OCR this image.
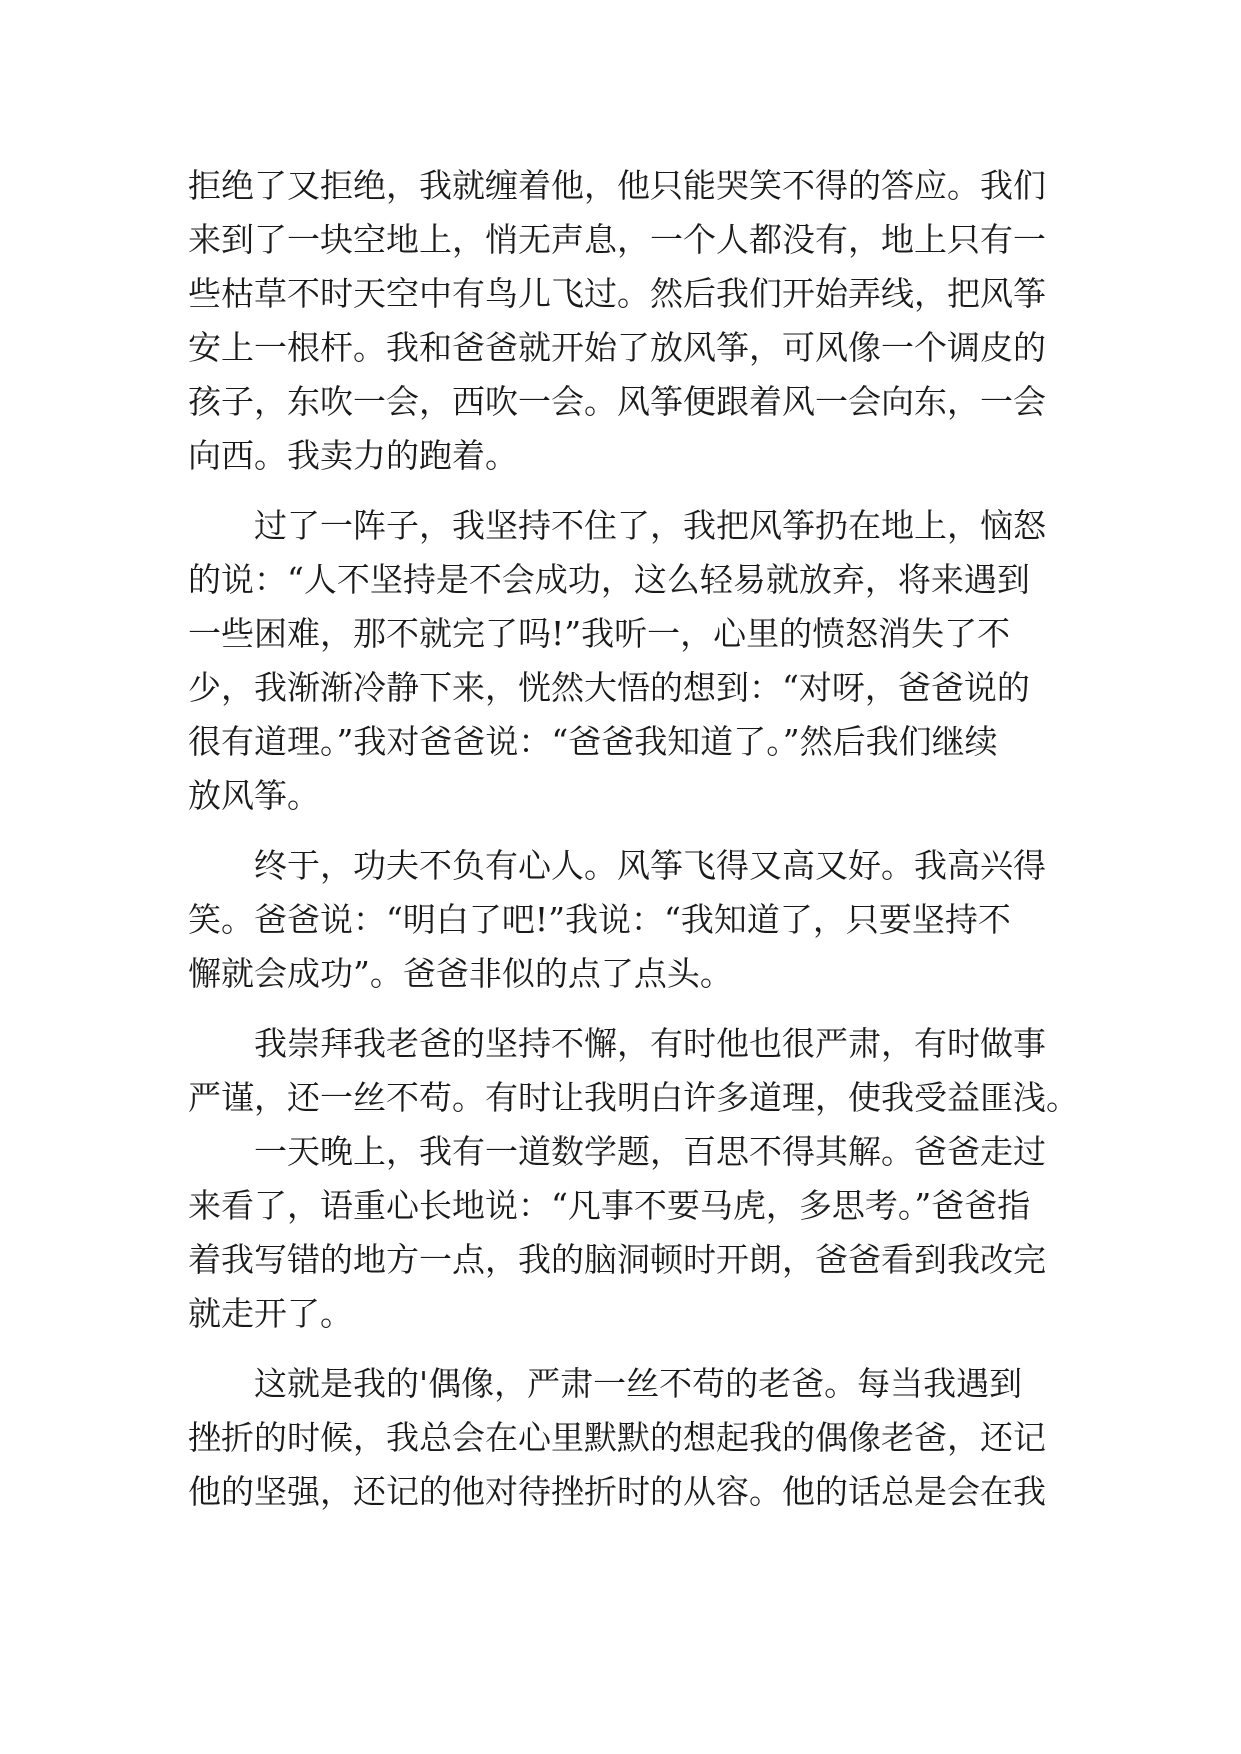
拒绝了又拒绝，我就缠着他，他只能哭笑不得的答应。我们
来到了一块空地上，悄无声息，一个人都没有，地上只有一
些枯草不时天空中有鸟儿飞过。然后我们开始弄线，把风筝
安上一根杆。我和爸爸就开始了放风筝，可风像一个调皮的
孩子，东吹一会，西吹一会。风筝便跟着风一会向东，一会
向西。我卖力的跑着。
过了一阵子，我坚持不住了，我把风筝扔在地上，恼怒
的说：“人不坚持是不会成功，这么轻易就放弃，将来遇到
一些困难，那不就完了吗!”我听一，心里的愤怒消失了不
少，我渐渐冷静下来，恍然大悟的想到：“对呀，爸爸说的
很有道理。”我对爸爸说：“爸爸我知道了。”然后我们继续
放风筝。
终于，功夫不负有心人。风筝飞得又高又好。我高兴得
笑。爸爸说：“明白了吧!”我说：“我知道了，只要坚持不
懈就会成功”。爸爸非似的点了点头。
我崇拜我老爸的坚持不懈，有时他也很严肃，有时做事
严谨，还一丝不苟。有时让我明白许多道理，使我受益匪浅。
一天晚上，我有一道数学题，百思不得其解。爸爸走过
来看了，语重心长地说：“凡事不要马虎，多思考。”爸爸指
着我写错的地方一点，我的脑洞顿时开朗，爸爸看到我改完
就走开了。
这就是我的'偶像，严肃一丝不苟的老爸。每当我遇到
挫折的时候，我总会在心里默默的想起我的偶像老爸，还记
他的坚强，还记的他对待挫折时的从容。他的话总是会在我
